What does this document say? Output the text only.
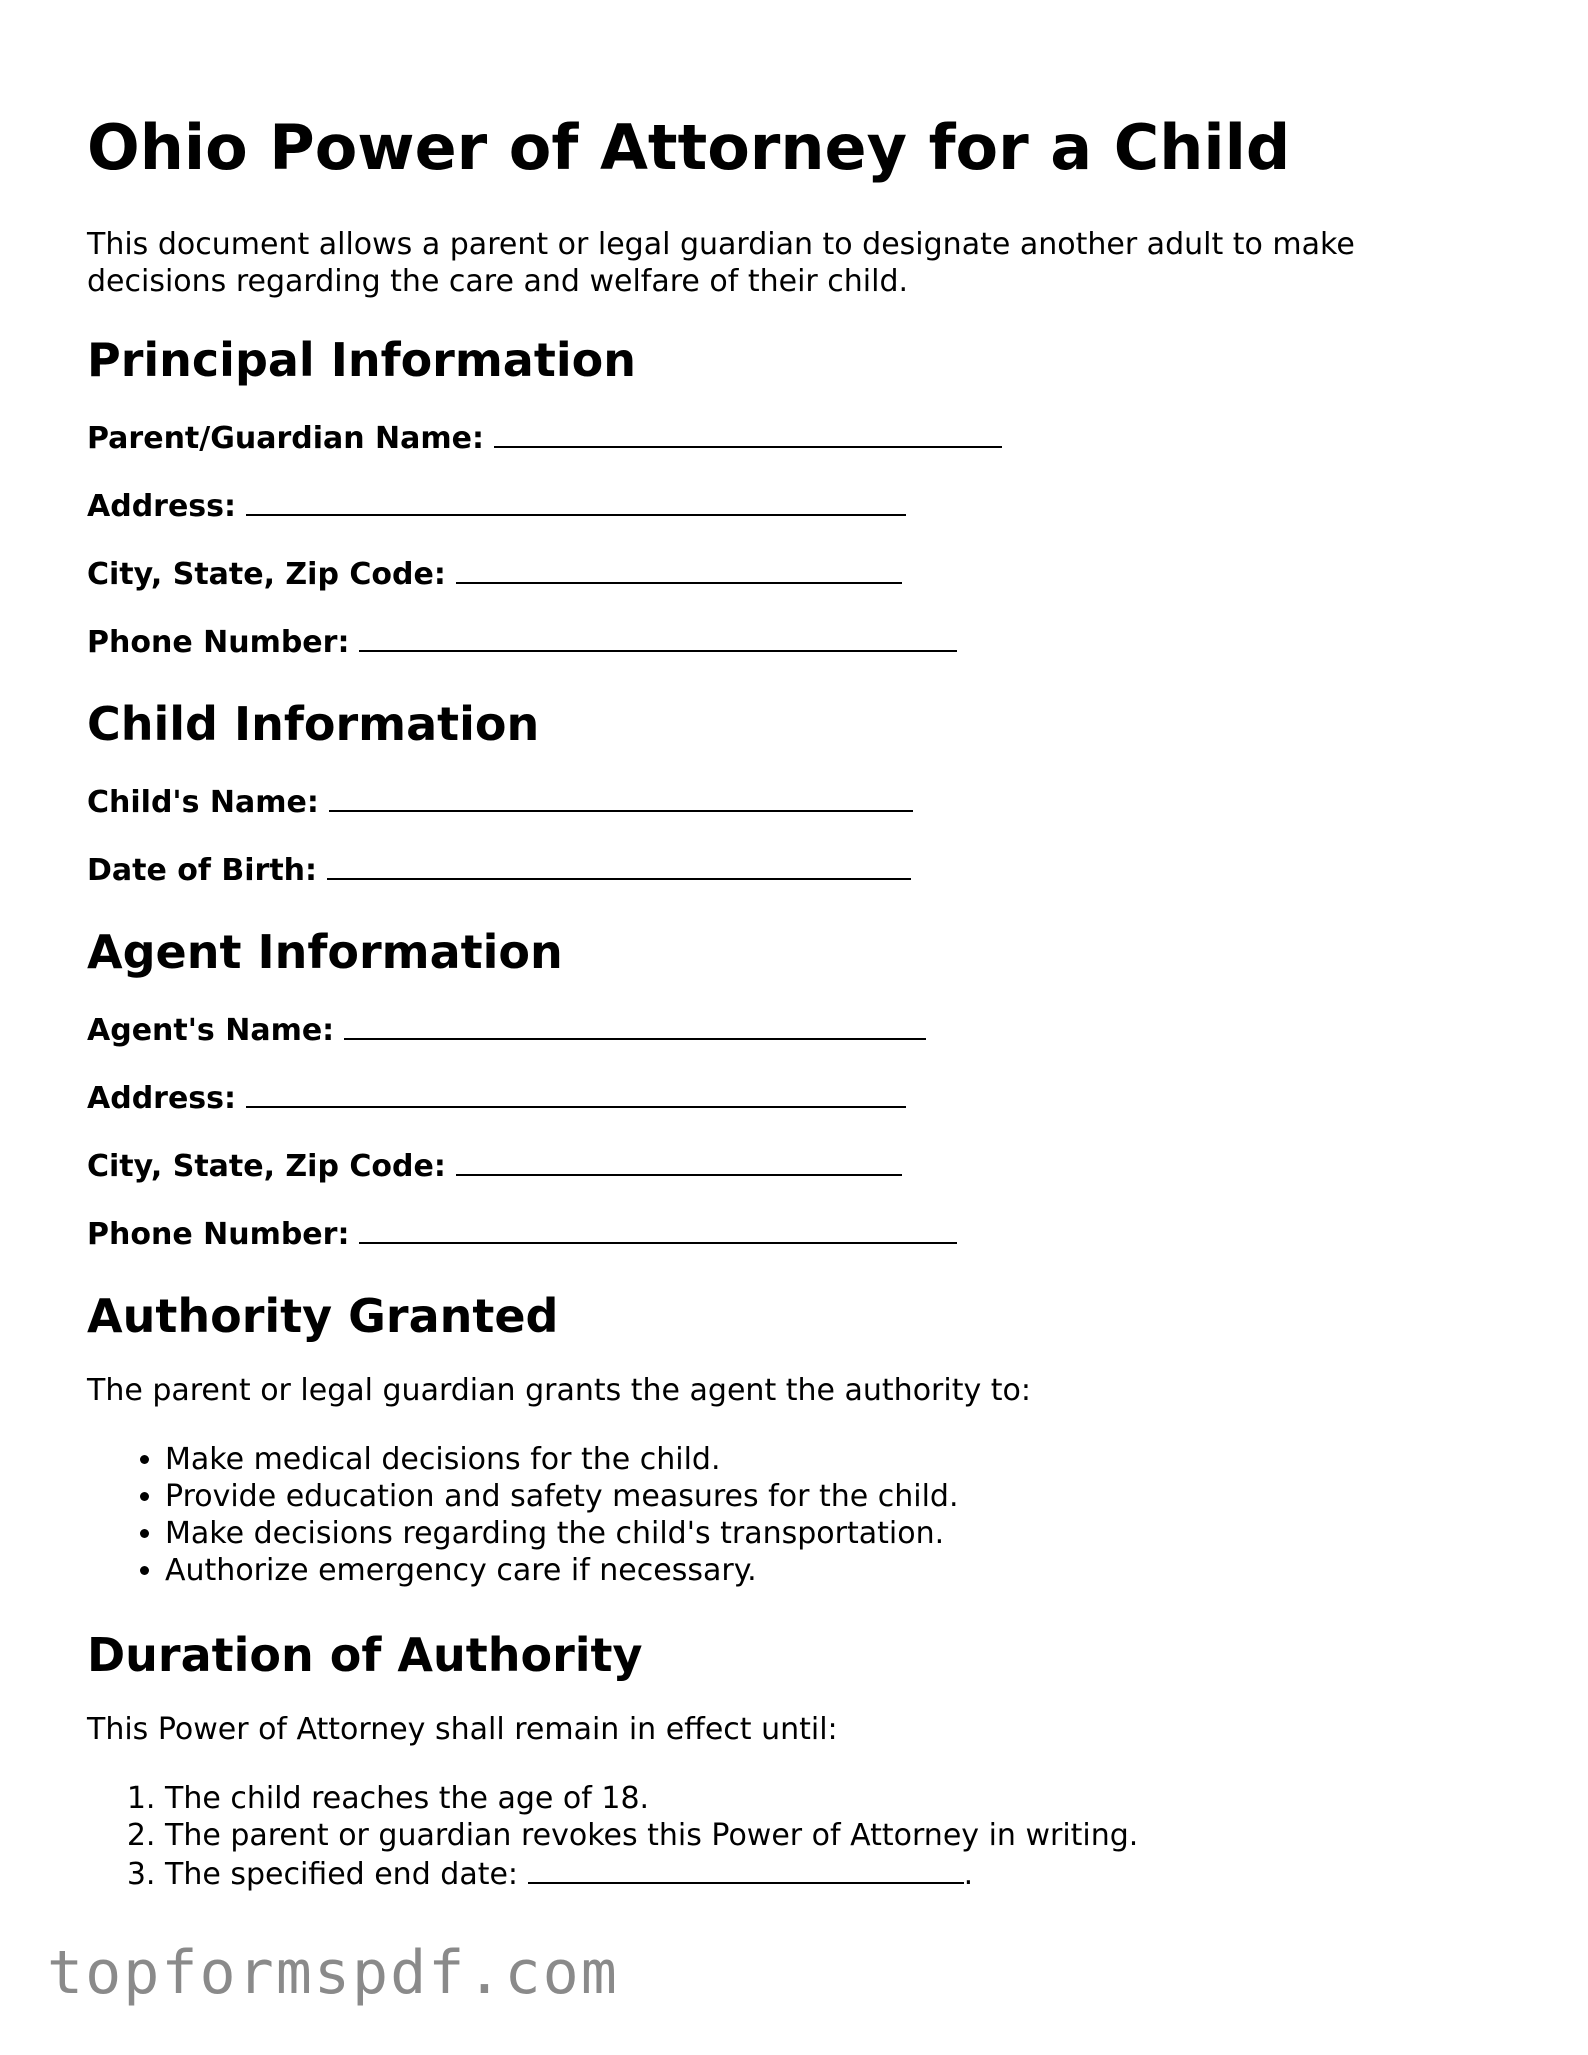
Ohio Power of Attorney for a Child

This document allows a parent or legal guardian to designate another adult to make decisions regarding the care and welfare of their child.

Principal Information
Parent/Guardian Name:
Address:
City, State, Zip Code:
Phone Number:
Child Information
Child's Name:
Date of Birth:
Agent Information
Agent's Name:
Address:
City, State, Zip Code:
Phone Number:
Authority Granted

The parent or legal guardian grants the agent the authority to:

• Make medical decisions for the child.
• Provide education and safety measures for the child.
• Make decisions regarding the child's transportation.
• Authorize emergency care if necessary.
Duration of Authority

This Power of Attorney shall remain in effect until:

1. The child reaches the age of 18.
2. The parent or guardian revokes this Power of Attorney in writing.
3. The specified end date:	.
topformspdf.com
